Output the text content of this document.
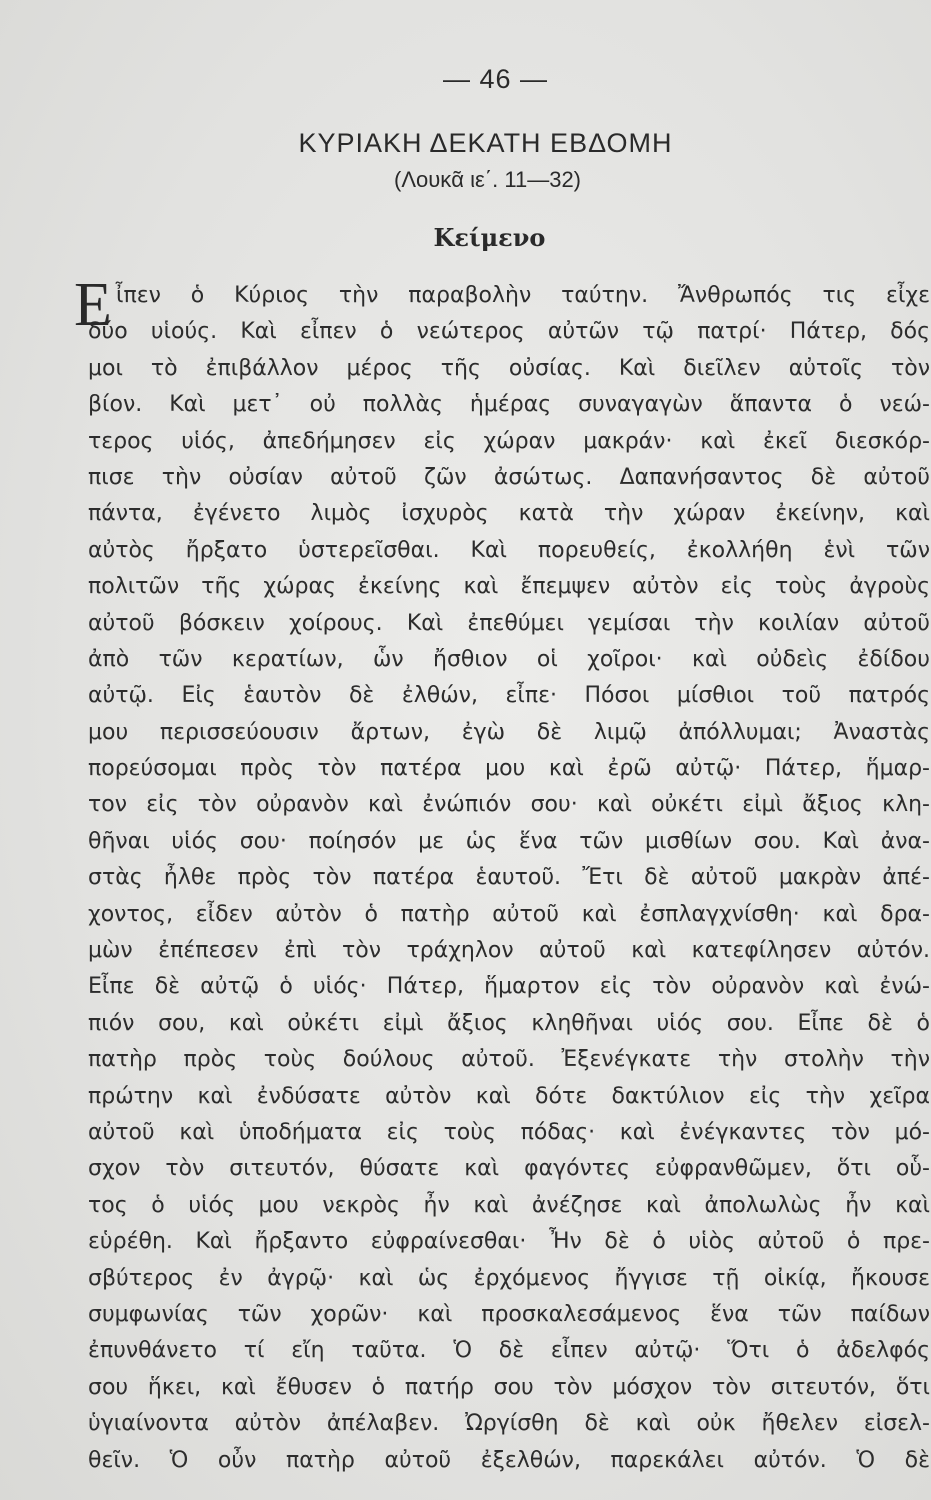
— 46 —
ΚΥΡΙΑΚΗ ΔΕΚΑΤΗ ΕΒΔΟΜΗ
(Λουκᾶ ιε΄. 11—32)
Κείμενο
Ε ἶπεν ὁ Κύριος τὴν παραβολὴν ταύτην. Ἄνθρωπός τις εἶχε
δύο υἱούς. Καὶ εἶπεν ὁ νεώτερος αὐτῶν τῷ πατρί· Πάτερ, δός
μοι τὸ ἐπιβάλλον μέρος τῆς οὐσίας. Καὶ διεῖλεν αὐτοῖς τὸν
βίον. Καὶ μετ᾽ οὐ πολλὰς ἡμέρας συναγαγὼν ἅπαντα ὁ νεώ-
τερος υἱός, ἀπεδήμησεν εἰς χώραν μακράν· καὶ ἐκεῖ διεσκόρ-
πισε τὴν οὐσίαν αὐτοῦ ζῶν ἀσώτως. Δαπανήσαντος δὲ αὐτοῦ
πάντα, ἐγένετο λιμὸς ἰσχυρὸς κατὰ τὴν χώραν ἐκείνην, καὶ
αὐτὸς ἤρξατο ὑστερεῖσθαι. Καὶ πορευθείς, ἐκολλήθη ἑνὶ τῶν
πολιτῶν τῆς χώρας ἐκείνης καὶ ἔπεμψεν αὐτὸν εἰς τοὺς ἀγροὺς
αὐτοῦ βόσκειν χοίρους. Καὶ ἐπεθύμει γεμίσαι τὴν κοιλίαν αὐτοῦ
ἀπὸ τῶν κερατίων, ὧν ἤσθιον οἱ χοῖροι· καὶ οὐδεὶς ἐδίδου
αὐτῷ. Εἰς ἑαυτὸν δὲ ἐλθών, εἶπε· Πόσοι μίσθιοι τοῦ πατρός
μου περισσεύουσιν ἄρτων, ἐγὼ δὲ λιμῷ ἀπόλλυμαι; Ἀναστὰς
πορεύσομαι πρὸς τὸν πατέρα μου καὶ ἐρῶ αὐτῷ· Πάτερ, ἥμαρ-
τον εἰς τὸν οὐρανὸν καὶ ἐνώπιόν σου· καὶ οὐκέτι εἰμὶ ἄξιος κλη-
θῆναι υἱός σου· ποίησόν με ὡς ἕνα τῶν μισθίων σου. Καὶ ἀνα-
στὰς ἦλθε πρὸς τὸν πατέρα ἑαυτοῦ. Ἔτι δὲ αὐτοῦ μακρὰν ἀπέ-
χοντος, εἶδεν αὐτὸν ὁ πατὴρ αὐτοῦ καὶ ἐσπλαγχνίσθη· καὶ δρα-
μὼν ἐπέπεσεν ἐπὶ τὸν τράχηλον αὐτοῦ καὶ κατεφίλησεν αὐτόν.
Εἶπε δὲ αὐτῷ ὁ υἱός· Πάτερ, ἥμαρτον εἰς τὸν οὐρανὸν καὶ ἐνώ-
πιόν σου, καὶ οὐκέτι εἰμὶ ἄξιος κληθῆναι υἱός σου. Εἶπε δὲ ὁ
πατὴρ πρὸς τοὺς δούλους αὐτοῦ. Ἐξενέγκατε τὴν στολὴν τὴν
πρώτην καὶ ἐνδύσατε αὐτὸν καὶ δότε δακτύλιον εἰς τὴν χεῖρα
αὐτοῦ καὶ ὑποδήματα εἰς τοὺς πόδας· καὶ ἐνέγκαντες τὸν μό-
σχον τὸν σιτευτόν, θύσατε καὶ φαγόντες εὐφρανθῶμεν, ὅτι οὗ-
τος ὁ υἱός μου νεκρὸς ἦν καὶ ἀνέζησε καὶ ἀπολωλὼς ἦν καὶ
εὑρέθη. Καὶ ἤρξαντο εὐφραίνεσθαι· Ἦν δὲ ὁ υἱὸς αὐτοῦ ὁ πρε-
σβύτερος ἐν ἀγρῷ· καὶ ὡς ἐρχόμενος ἤγγισε τῇ οἰκίᾳ, ἤκουσε
συμφωνίας τῶν χορῶν· καὶ προσκαλεσάμενος ἕνα τῶν παίδων
ἐπυνθάνετο τί εἴη ταῦτα. Ὁ δὲ εἶπεν αὐτῷ· Ὅτι ὁ ἀδελφός
σου ἥκει, καὶ ἔθυσεν ὁ πατήρ σου τὸν μόσχον τὸν σιτευτόν, ὅτι
ὑγιαίνοντα αὐτὸν ἀπέλαβεν. Ὠργίσθη δὲ καὶ οὐκ ἤθελεν εἰσελ-
θεῖν. Ὁ οὖν πατὴρ αὐτοῦ ἐξελθών, παρεκάλει αὐτόν. Ὁ δὲ
